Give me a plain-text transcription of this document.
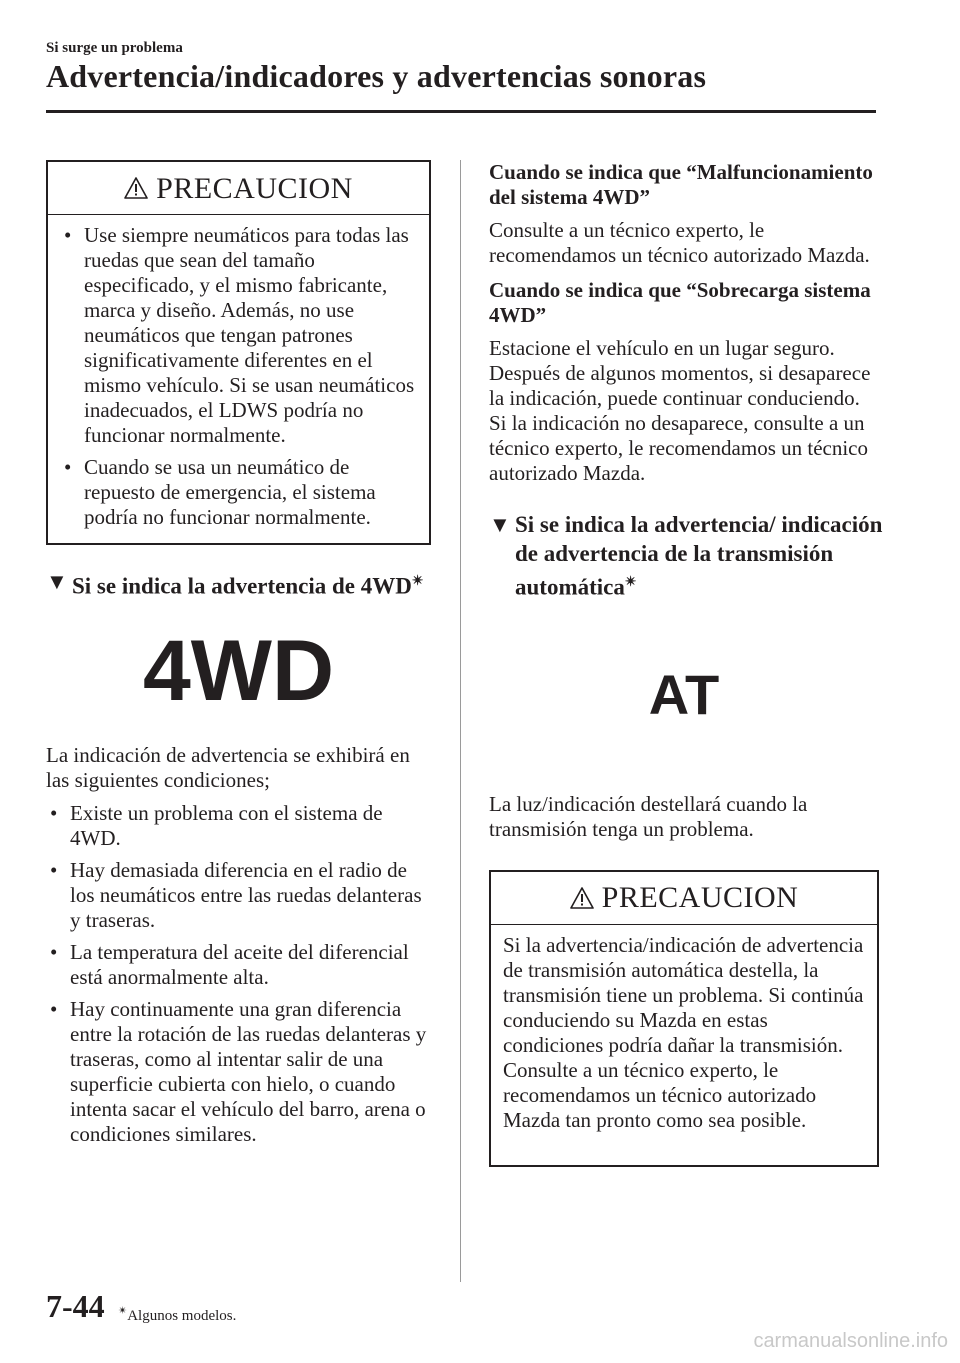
Si surge un problema
Advertencia/indicadores y advertencias sonoras
PRECAUCION
• Use siempre neumáticos para todas las ruedas que sean del tamaño especificado, y el mismo fabricante, marca y diseño. Además, no use neumáticos que tengan patrones significativamente diferentes en el mismo vehículo. Si se usan neumáticos inadecuados, el LDWS podría no funcionar normalmente.
• Cuando se usa un neumático de repuesto de emergencia, el sistema podría no funcionar normalmente.
▼ Si se indica la advertencia de 4WD✴
4WD

La indicación de advertencia se exhibirá en las siguientes condiciones;

• Existe un problema con el sistema de 4WD.
• Hay demasiada diferencia en el radio de los neumáticos entre las ruedas delanteras y traseras.
• La temperatura del aceite del diferencial está anormalmente alta.
• Hay continuamente una gran diferencia entre la rotación de las ruedas delanteras y traseras, como al intentar salir de una superficie cubierta con hielo, o cuando intenta sacar el vehículo del barro, arena o condiciones similares.

Cuando se indica que “Malfuncionamiento del sistema 4WD”

Consulte a un técnico experto, le recomendamos un técnico autorizado Mazda.

Cuando se indica que “Sobrecarga sistema 4WD”

Estacione el vehículo en un lugar seguro. Después de algunos momentos, si desaparece la indicación, puede continuar conduciendo. Si la indicación no desaparece, consulte a un técnico experto, le recomendamos un técnico autorizado Mazda.

▼ Si se indica la advertencia/ indicación de advertencia de la transmisión automática✴
AT

La luz/indicación destellará cuando la transmisión tenga un problema.

PRECAUCION

Si la advertencia/indicación de advertencia de transmisión automática destella, la transmisión tiene un problema. Si continúa conduciendo su Mazda en estas condiciones podría dañar la transmisión. Consulte a un técnico experto, le recomendamos un técnico autorizado Mazda tan pronto como sea posible.

7-44 ✴Algunos modelos.
carmanualsonline.info
